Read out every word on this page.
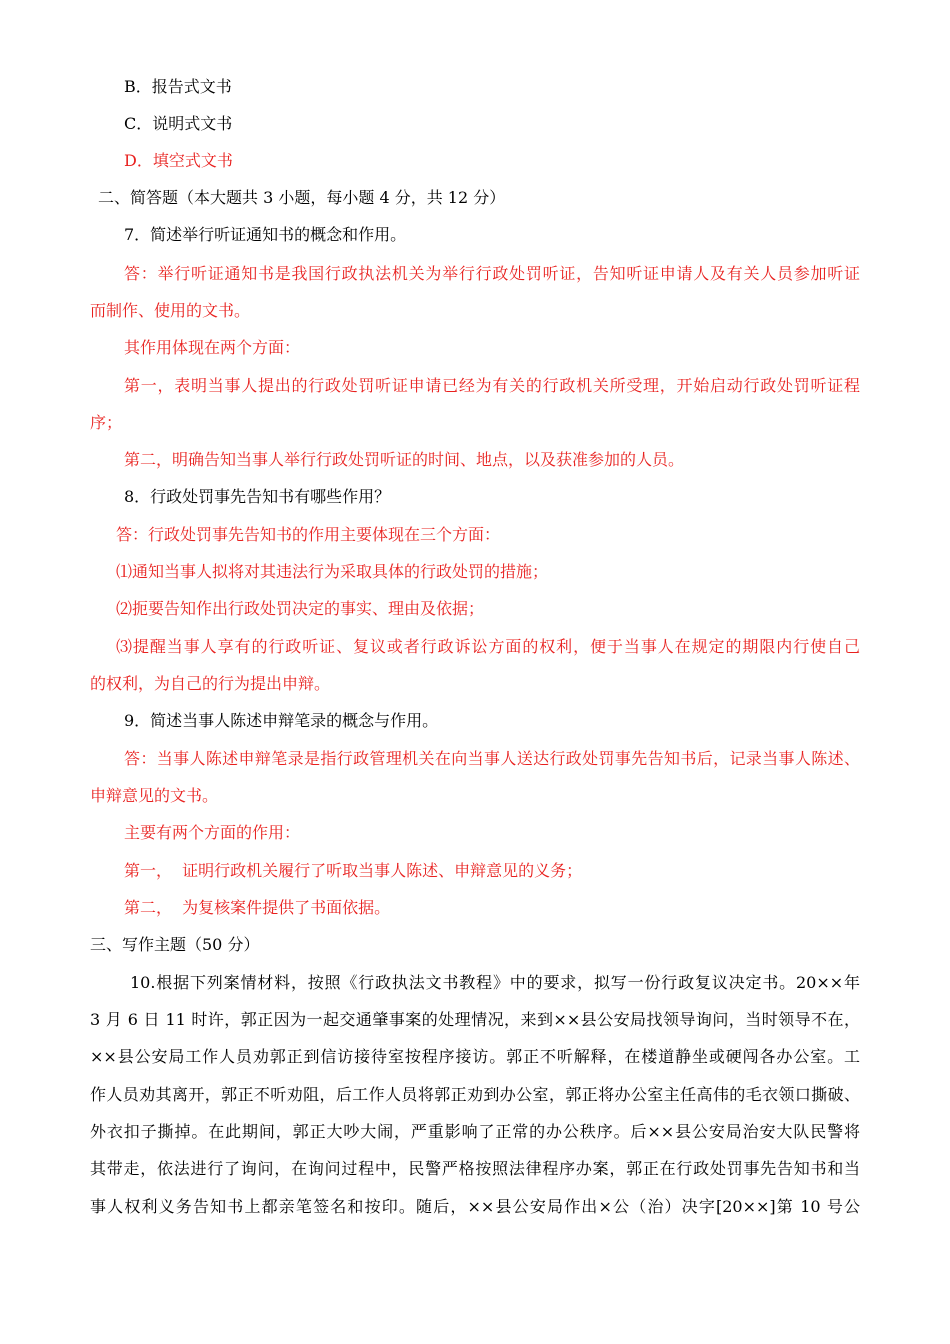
B．报告式文书
C．说明式文书
D．填空式文书
二、简答题（本大题共 3 小题，每小题 4 分，共 12 分）
7．简述举行听证通知书的概念和作用。
答：举行听证通知书是我国行政执法机关为举行行政处罚听证，告知听证申请人及有关人员参加听证
而制作、使用的文书。
其作用体现在两个方面：
第一，表明当事人提出的行政处罚听证申请已经为有关的行政机关所受理，开始启动行政处罚听证程
序；
第二，明确告知当事人举行行政处罚听证的时间、地点，以及获准参加的人员。
8．行政处罚事先告知书有哪些作用？
答：行政处罚事先告知书的作用主要体现在三个方面：
⑴通知当事人拟将对其违法行为采取具体的行政处罚的措施；
⑵扼要告知作出行政处罚决定的事实、理由及依据；
⑶提醒当事人享有的行政听证、复议或者行政诉讼方面的权利，便于当事人在规定的期限内行使自己
的权利，为自己的行为提出申辩。
9．简述当事人陈述申辩笔录的概念与作用。
答：当事人陈述申辩笔录是指行政管理机关在向当事人送达行政处罚事先告知书后，记录当事人陈述、
申辩意见的文书。
主要有两个方面的作用：
第一，  证明行政机关履行了听取当事人陈述、申辩意见的义务；
第二，  为复核案件提供了书面依据。
三、写作主题（50 分）
10.根据下列案情材料，按照《行政执法文书教程》中的要求，拟写一份行政复议决定书。20××年
3 月 6 日 11 时许，郭正因为一起交通肇事案的处理情况，来到××县公安局找领导询问，当时领导不在，
××县公安局工作人员劝郭正到信访接待室按程序接访。郭正不听解释，在楼道静坐或硬闯各办公室。工
作人员劝其离开，郭正不听劝阻，后工作人员将郭正劝到办公室，郭正将办公室主任高伟的毛衣领口撕破、
外衣扣子撕掉。在此期间，郭正大吵大闹，严重影响了正常的办公秩序。后××县公安局治安大队民警将
其带走，依法进行了询问，在询问过程中，民警严格按照法律程序办案，郭正在行政处罚事先告知书和当
事人权利义务告知书上都亲笔签名和按印。随后，××县公安局作出×公（治）决字[20××]第 10 号公
